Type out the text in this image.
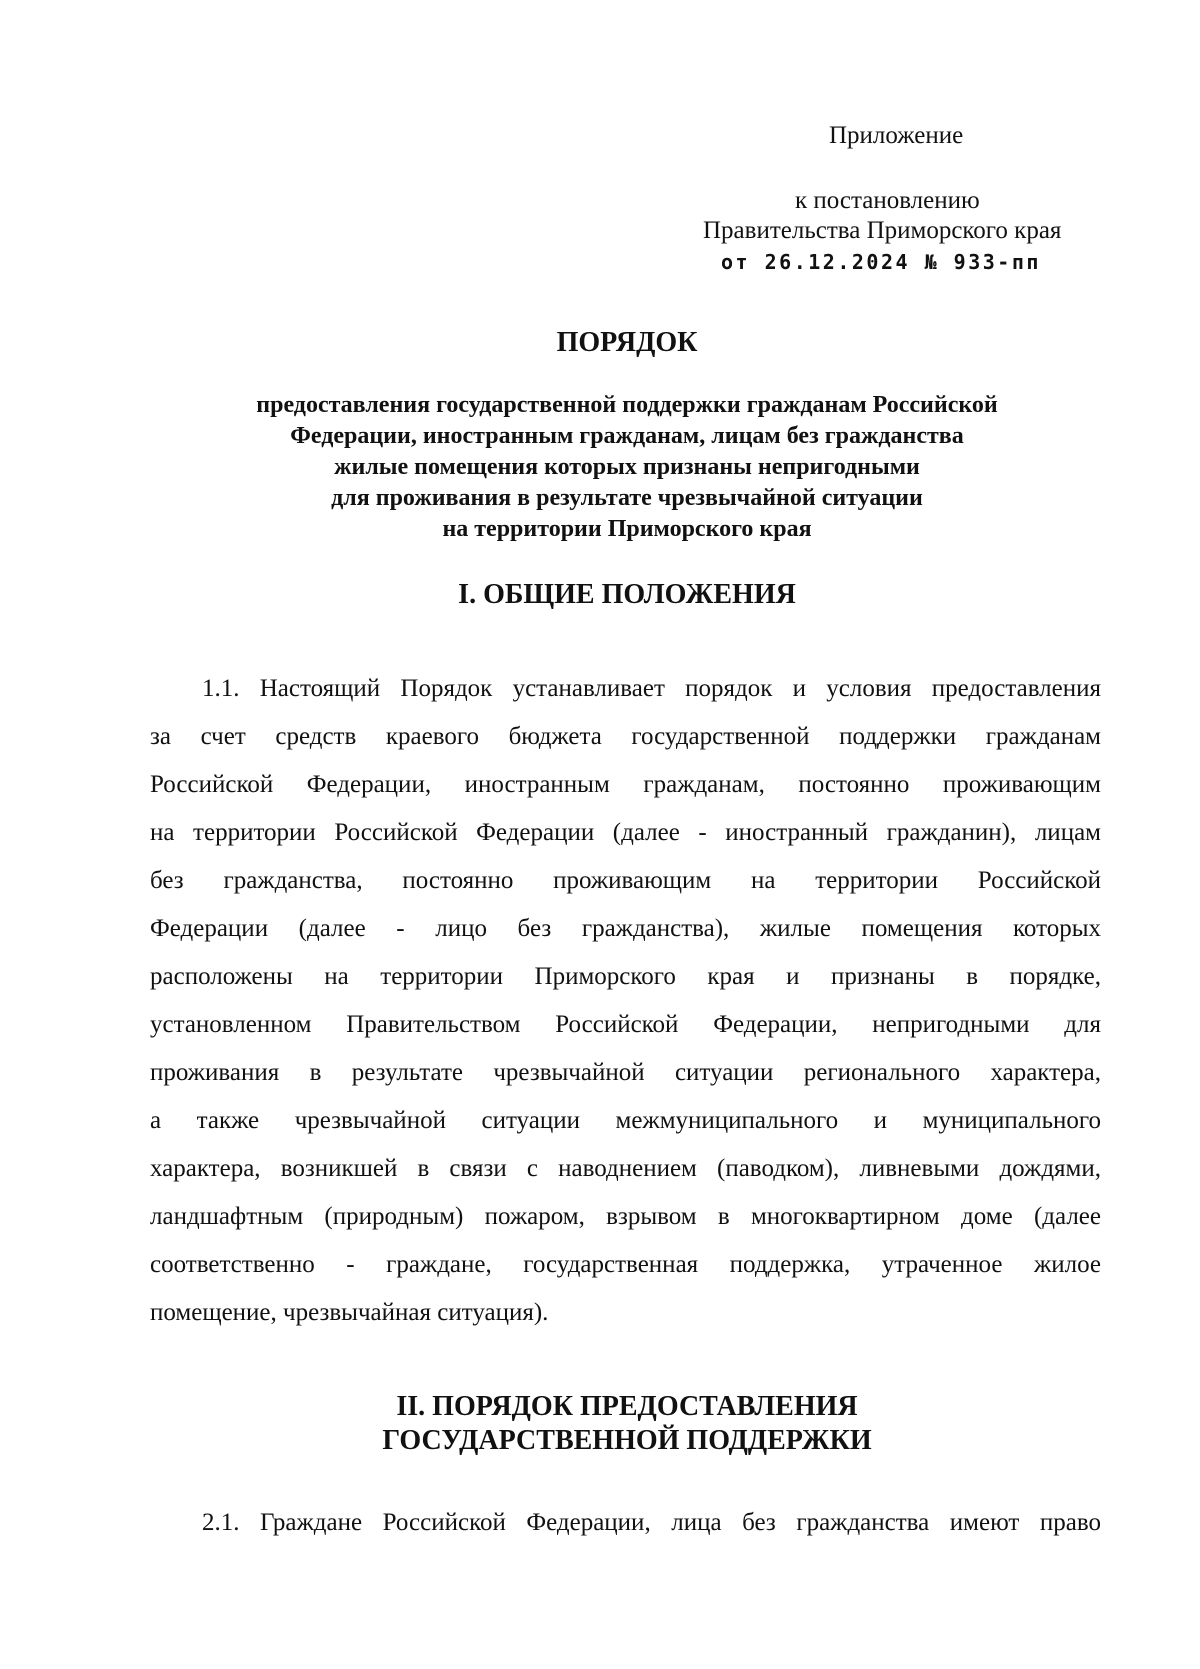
Приложение
к постановлению
Правительства Приморского края
от 26.12.2024 № 933-пп
ПОРЯДОК
предоставления государственной поддержки гражданам Российской
Федерации, иностранным гражданам, лицам без гражданства
жилые помещения которых признаны непригодными
для проживания в результате чрезвычайной ситуации
на территории Приморского края
I. ОБЩИЕ ПОЛОЖЕНИЯ
1.1. Настоящий Порядок устанавливает порядок и условия предоставления
за счет средств краевого бюджета государственной поддержки гражданам
Российской Федерации, иностранным гражданам, постоянно проживающим
на территории Российской Федерации (далее - иностранный гражданин), лицам
без гражданства, постоянно проживающим на территории Российской
Федерации (далее - лицо без гражданства), жилые помещения которых
расположены на территории Приморского края и признаны в порядке,
установленном Правительством Российской Федерации, непригодными для
проживания в результате чрезвычайной ситуации регионального характера,
а также чрезвычайной ситуации межмуниципального и муниципального
характера, возникшей в связи с наводнением (паводком), ливневыми дождями,
ландшафтным (природным) пожаром, взрывом в многоквартирном доме (далее
соответственно - граждане, государственная поддержка, утраченное жилое
помещение, чрезвычайная ситуация).
II. ПОРЯДОК ПРЕДОСТАВЛЕНИЯ
ГОСУДАРСТВЕННОЙ ПОДДЕРЖКИ
2.1. Граждане Российской Федерации, лица без гражданства имеют право
